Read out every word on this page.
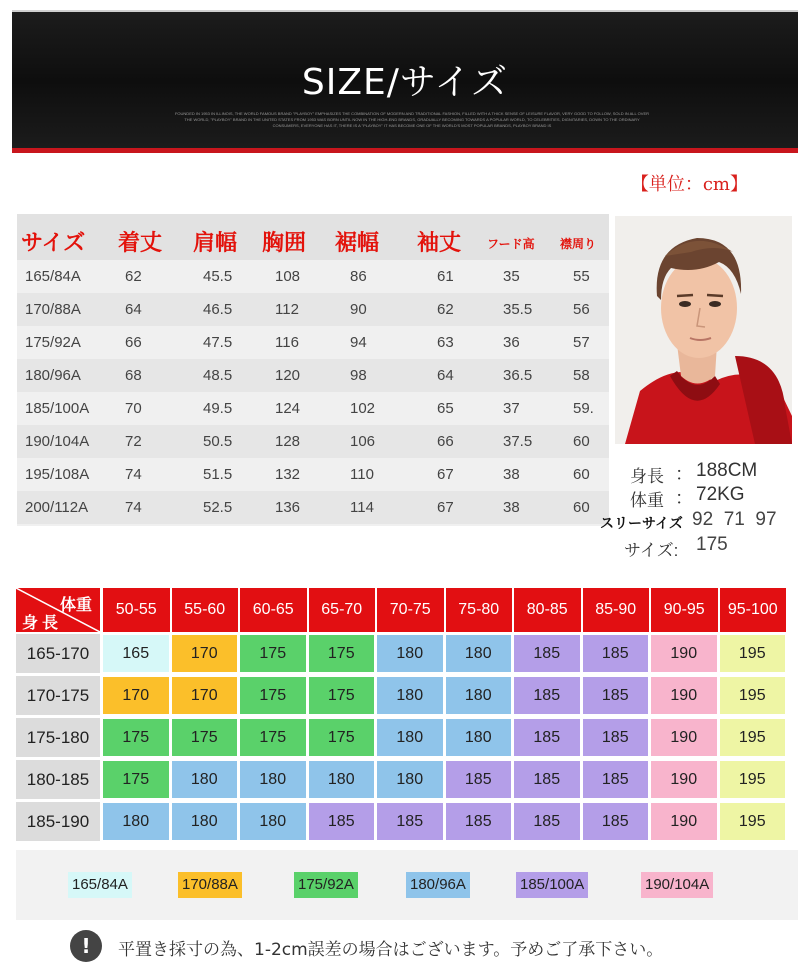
SIZE/サイズ
FOUNDED IN 1953 IN ILLINOIS, THE WORLD FAMOUS BRAND "PLAYBOY" EMPHASIZES THE COMBINATION OF MODERN AND TRADITIONAL FASHION, FILLED WITH A THICK SENSE OF LEISURE FLAVOR, VERY GOOD TO FOLLOW, SOLD IN ALL OVER THE WORLD, "PLAYBOY" BRAND IN THE UNITED STATES FROM 1953 WAS BORN UNTIL NOW IN THE HIGH-END BRANDS, GRADUALLY BECOMING TOWARDS A POPULAR WORLD, TO CELEBRITIES, DIGNITARIES, DOWN TO THE ORDINARY CONSUMERS, EVERYONE HAS IT, THERE IS A "PLAYBOY" IT HAS BECOME ONE OF THE WORLD'S MOST POPULAR BRANDS, PLAYBOY BRAND IS
【単位：cm】
サイズ 着丈 肩幅 胸囲 裾幅 袖丈 フード高 襟周り
165/84A	62	45.5	108	86	61	35	55
170/88A	64	46.5	112	90	62	35.5	56
175/92A	66	47.5	116	94	63	36	57
180/96A	68	48.5	120	98	64	36.5	58
185/100A 70	49.5	124	102	65	37	59.
190/104A 72	50.5	128	106	66	37.5	60
195/108A 74	51.5	132	110	67	38	60
200/112A 74	52.5	136	114	67	38	60
身長 ： 188CM
体重 ： 72KG
スリーサイズ 92  71  97
サイズ: 175
体重
身長
50-55	55-60	60-65	65-70	70-75	75-80	80-85	85-90	90-95	95-100
165-170	165	170	175	175	180	180	185	185	190	195
170-175	170	170	175	175	180	180	185	185	190	195
175-180	175	175	175	175	180	180	185	185	190	195
180-185	175	180	180	180	180	185	185	185	190	195
185-190	180	180	180	185	185	185	185	185	190	195
165/84A	170/88A	175/92A	180/96A	185/100A	190/104A
!	平置き採寸の為、1-2cm誤差の場合はございます。予めご了承下さい。
